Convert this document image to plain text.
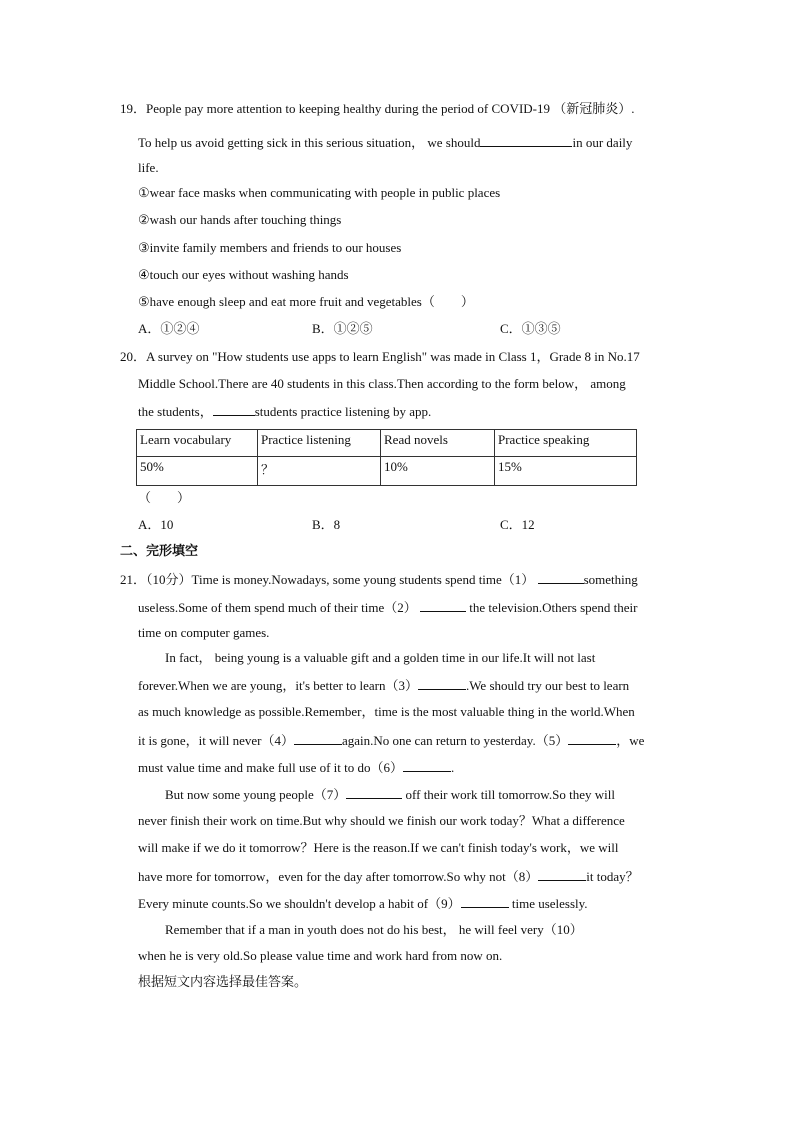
19．People pay more attention to keeping healthy during the period of COVID-19 （新冠肺炎）.
To help us avoid getting sick in this serious situation， we should	in our daily
life.
①wear face masks when communicating with people in public places
②wash our hands after touching things
③invite family members and friends to our houses
④touch our eyes without washing hands
⑤have enough sleep and eat more fruit and vegetables（　　）
A．①②④	B．①②⑤	C．①③⑤
20．A survey on "How students use apps to learn English" was made in Class 1，Grade 8 in No.17
Middle School.There are 40 students in this class.Then according to the form below， among
the students，	students practice listening by app.
Learn vocabulary	Practice listening	Read novels	Practice speaking
50%	？	10%	15%
（　　）
A．10	B．8	C．12
二、完形填空
21．（10分）Time is money.Nowadays, some young students spend time（1）	something
useless.Some of them spend much of their time（2）	the television.Others spend their
time on computer games.
In fact， being young is a valuable gift and a golden time in our life.It will not last
forever.When we are young，it's better to learn（3）	.We should try our best to learn
as much knowledge as possible.Remember，time is the most valuable thing in the world.When
it is gone，it will never（4）	again.No one can return to yesterday.（5）	，we
must value time and make full use of it to do（6）	.
But now some young people（7）	off their work till tomorrow.So they will
never finish their work on time.But why should we finish our work today？What a difference
will make if we do it tomorrow？Here is the reason.If we can't finish today's work，we will
have more for tomorrow，even for the day after tomorrow.So why not（8）	it today？
Every minute counts.So we shouldn't develop a habit of（9）	time uselessly.
Remember that if a man in youth does not do his best， he will feel very（10）
when he is very old.So please value time and work hard from now on.
根据短文内容选择最佳答案。
